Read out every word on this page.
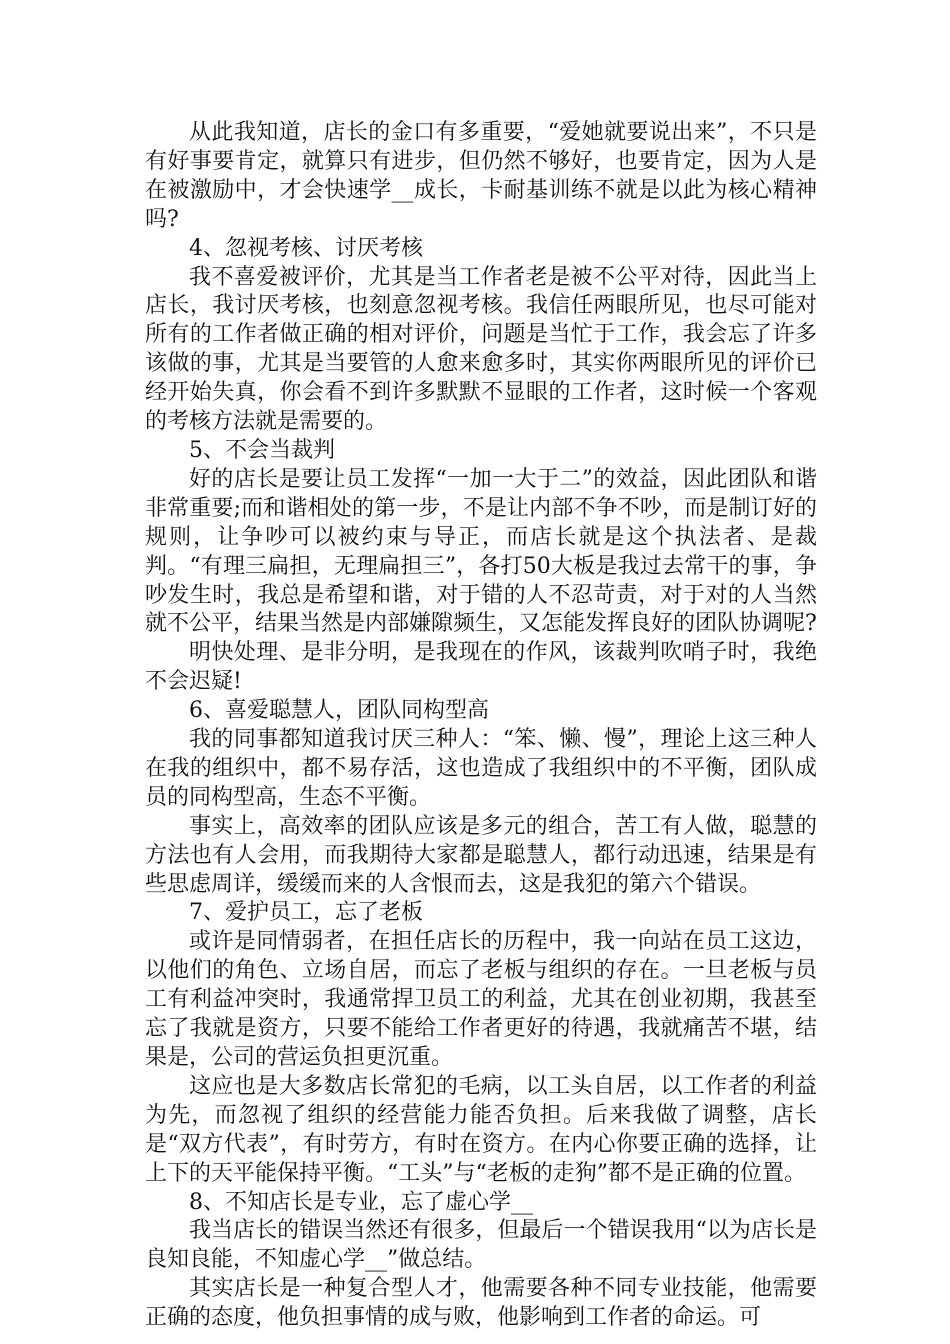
从此我知道，店长的金口有多重要，“爱她就要说出来”，不只是有好事要肯定，就算只有进步，但仍然不够好，也要肯定，因为人是在被激励中，才会快速学__成长，卡耐基训练不就是以此为核心精神吗?

4、忽视考核、讨厌考核

我不喜爱被评价，尤其是当工作者老是被不公平对待，因此当上店长，我讨厌考核，也刻意忽视考核。我信任两眼所见，也尽可能对所有的工作者做正确的相对评价，问题是当忙于工作，我会忘了许多该做的事，尤其是当要管的人愈来愈多时，其实你两眼所见的评价已经开始失真，你会看不到许多默默不显眼的工作者，这时候一个客观的考核方法就是需要的。

5、不会当裁判

好的店长是要让员工发挥“一加一大于二”的效益，因此团队和谐非常重要;而和谐相处的第一步，不是让内部不争不吵，而是制订好的规则，让争吵可以被约束与导正，而店长就是这个执法者、是裁判。“有理三扁担，无理扁担三”，各打50大板是我过去常干的事，争吵发生时，我总是希望和谐，对于错的人不忍苛责，对于对的人当然就不公平，结果当然是内部嫌隙频生，又怎能发挥良好的团队协调呢?

明快处理、是非分明，是我现在的作风，该裁判吹哨子时，我绝不会迟疑!

6、喜爱聪慧人，团队同构型高

我的同事都知道我讨厌三种人：“笨、懒、慢”，理论上这三种人在我的组织中，都不易存活，这也造成了我组织中的不平衡，团队成员的同构型高，生态不平衡。

事实上，高效率的团队应该是多元的组合，苦工有人做，聪慧的方法也有人会用，而我期待大家都是聪慧人，都行动迅速，结果是有些思虑周详，缓缓而来的人含恨而去，这是我犯的第六个错误。

7、爱护员工，忘了老板

或许是同情弱者，在担任店长的历程中，我一向站在员工这边，以他们的角色、立场自居，而忘了老板与组织的存在。一旦老板与员工有利益冲突时，我通常捍卫员工的利益，尤其在创业初期，我甚至忘了我就是资方，只要不能给工作者更好的待遇，我就痛苦不堪，结果是，公司的营运负担更沉重。

这应也是大多数店长常犯的毛病，以工头自居，以工作者的利益为先，而忽视了组织的经营能力能否负担。后来我做了调整，店长是“双方代表”，有时劳方，有时在资方。在内心你要正确的选择，让上下的天平能保持平衡。“工头”与“老板的走狗”都不是正确的位置。

8、不知店长是专业，忘了虚心学__

我当店长的错误当然还有很多，但最后一个错误我用“以为店长是良知良能，不知虚心学__”做总结。

其实店长是一种复合型人才，他需要各种不同专业技能，他需要正确的态度，他负担事情的成与败，他影响到工作者的命运。可
